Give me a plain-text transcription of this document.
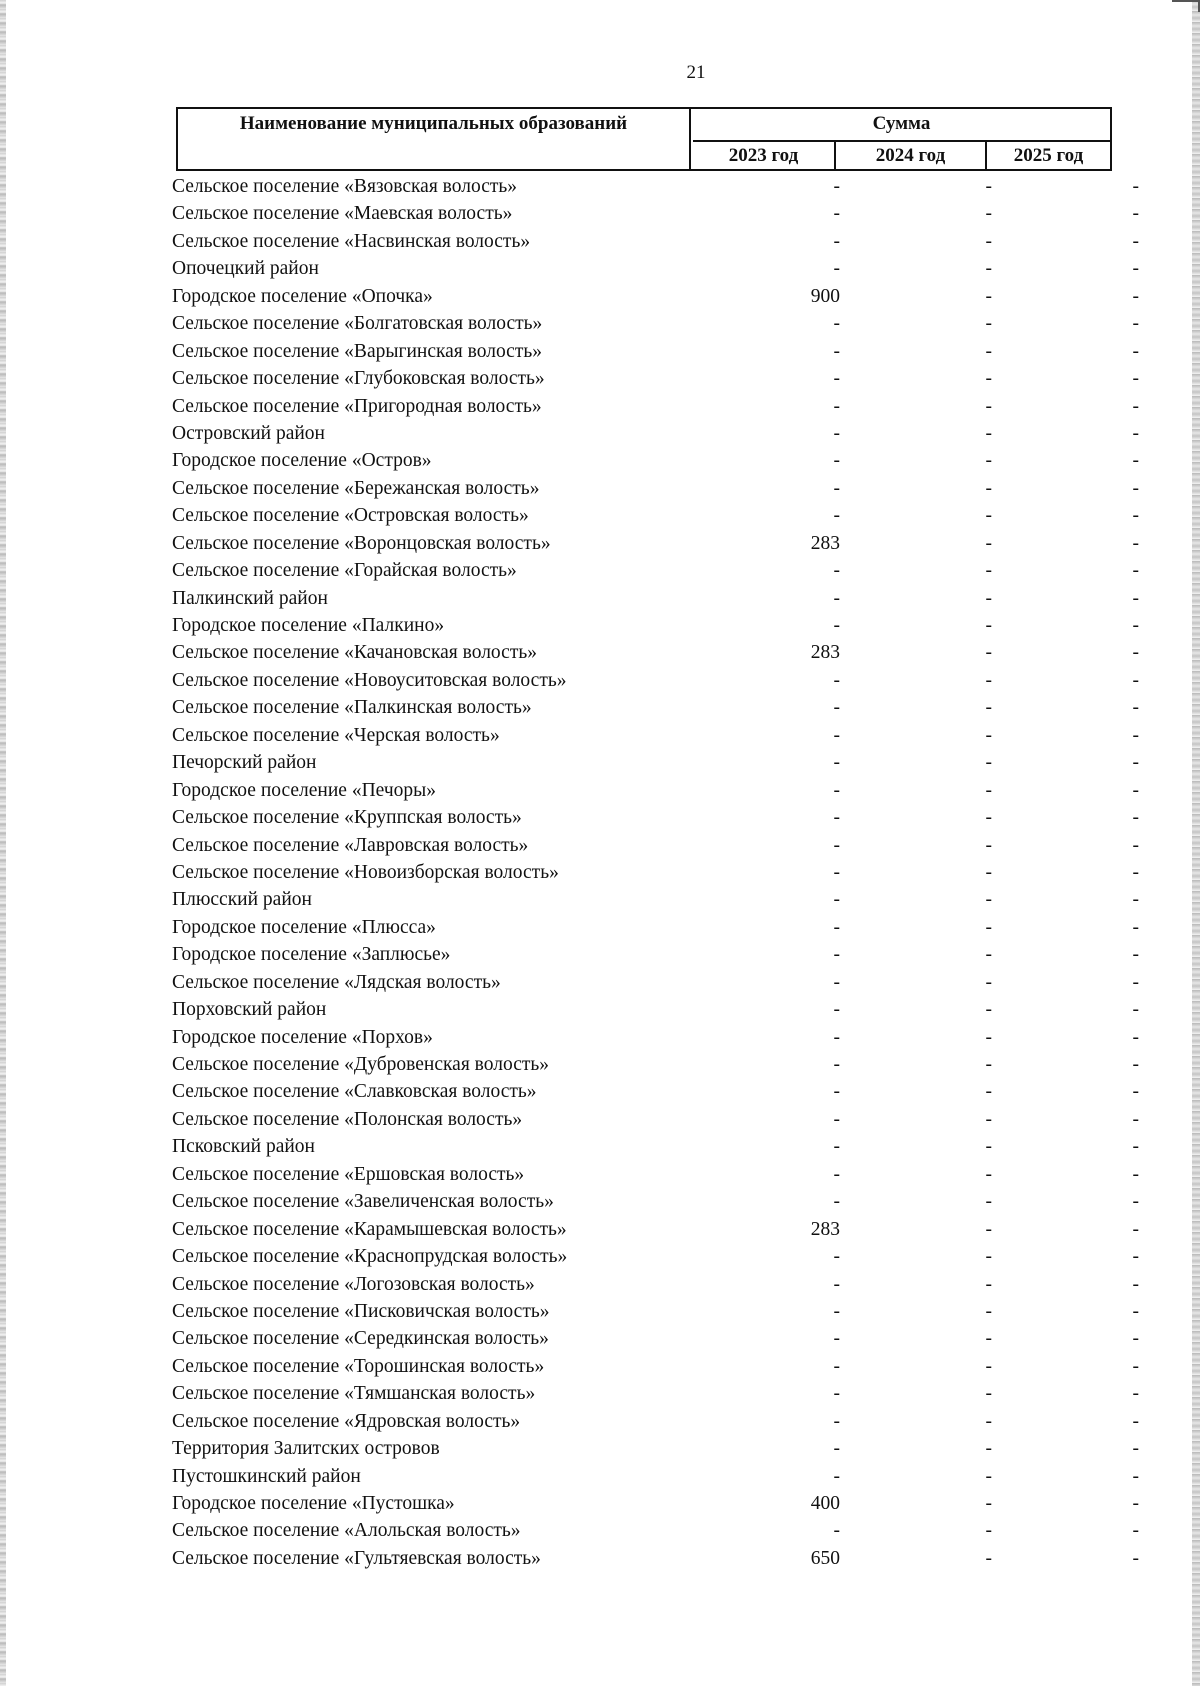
21
Наименование муниципальных образований	Сумма
2023 год	2024 год	2025 год
Сельское поселение «Вязовская волость»	-	-	-
Сельское поселение «Маевская волость»	-	-	-
Сельское поселение «Насвинская волость»	-	-	-
Опочецкий район	-	-	-
Городское поселение «Опочка»	900	-	-
Сельское поселение «Болгатовская волость»	-	-	-
Сельское поселение «Варыгинская волость»	-	-	-
Сельское поселение «Глубоковская волость»	-	-	-
Сельское поселение «Пригородная волость»	-	-	-
Островский район	-	-	-
Городское поселение «Остров»	-	-	-
Сельское поселение «Бережанская волость»	-	-	-
Сельское поселение «Островская волость»	-	-	-
Сельское поселение «Воронцовская волость»	283	-	-
Сельское поселение «Горайская волость»	-	-	-
Палкинский район	-	-	-
Городское поселение «Палкино»	-	-	-
Сельское поселение «Качановская волость»	283	-	-
Сельское поселение «Новоуситовская волость»	-	-	-
Сельское поселение «Палкинская волость»	-	-	-
Сельское поселение «Черская волость»	-	-	-
Печорский район	-	-	-
Городское поселение «Печоры»	-	-	-
Сельское поселение «Круппская волость»	-	-	-
Сельское поселение «Лавровская волость»	-	-	-
Сельское поселение «Новоизборская волость»	-	-	-
Плюсский район	-	-	-
Городское поселение «Плюсса»	-	-	-
Городское поселение «Заплюсье»	-	-	-
Сельское поселение «Лядская волость»	-	-	-
Порховский район	-	-	-
Городское поселение «Порхов»	-	-	-
Сельское поселение «Дубровенская волость»	-	-	-
Сельское поселение «Славковская волость»	-	-	-
Сельское поселение «Полонская волость»	-	-	-
Псковский район	-	-	-
Сельское поселение «Ершовская волость»	-	-	-
Сельское поселение «Завеличенская волость»	-	-	-
Сельское поселение «Карамышевская волость»	283	-	-
Сельское поселение «Краснопрудская волость»	-	-	-
Сельское поселение «Логозовская волость»	-	-	-
Сельское поселение «Писковичская волость»	-	-	-
Сельское поселение «Середкинская волость»	-	-	-
Сельское поселение «Торошинская волость»	-	-	-
Сельское поселение «Тямшанская волость»	-	-	-
Сельское поселение «Ядровская волость»	-	-	-
Территория Залитских островов	-	-	-
Пустошкинский район	-	-	-
Городское поселение «Пустошка»	400	-	-
Сельское поселение «Алольская волость»	-	-	-
Сельское поселение «Гультяевская волость»	650	-	-
